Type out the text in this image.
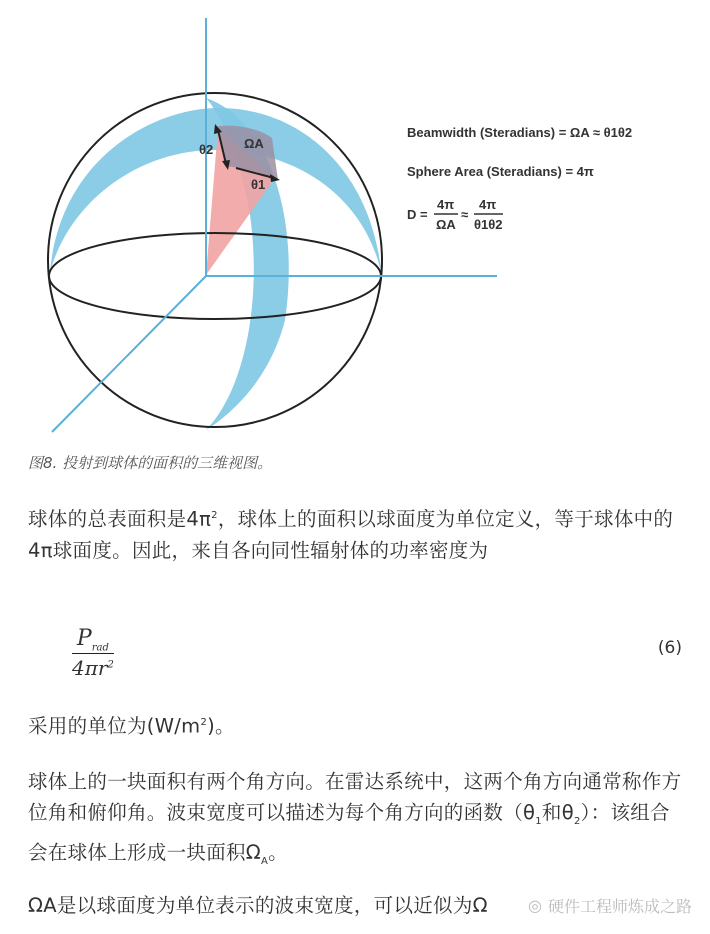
θ2 ΩA
θ1
Beamwidth (Steradians) = ΩA ≈ θ1θ2
Sphere Area (Steradians) = 4π
D =
4π
ΩA
≈
4π
θ1θ2
图8. 投射到球体的面积的三维视图。
球体的总表面积是$4\pi^2$，球体上的面积以球面度为单位定义，等于球体中的4π球面度。因此，来自各向同性辐射体的功率密度为
$P_{rad}$
$4\pi r^2$
(6)
采用的单位为$(W/m^2)$。
球体上的一块面积有两个角方向。在雷达系统中，这两个角方向通常称作方位角和俯仰角。波束宽度可以描述为每个角方向的函数（$\theta_1$和$\theta_2$）：该组合会在球体上形成一块面积$\Omega_A$。
ΩA是以球面度为单位表示的波束宽度，可以近似为Ω	◎ 硬件工程师炼成之路
